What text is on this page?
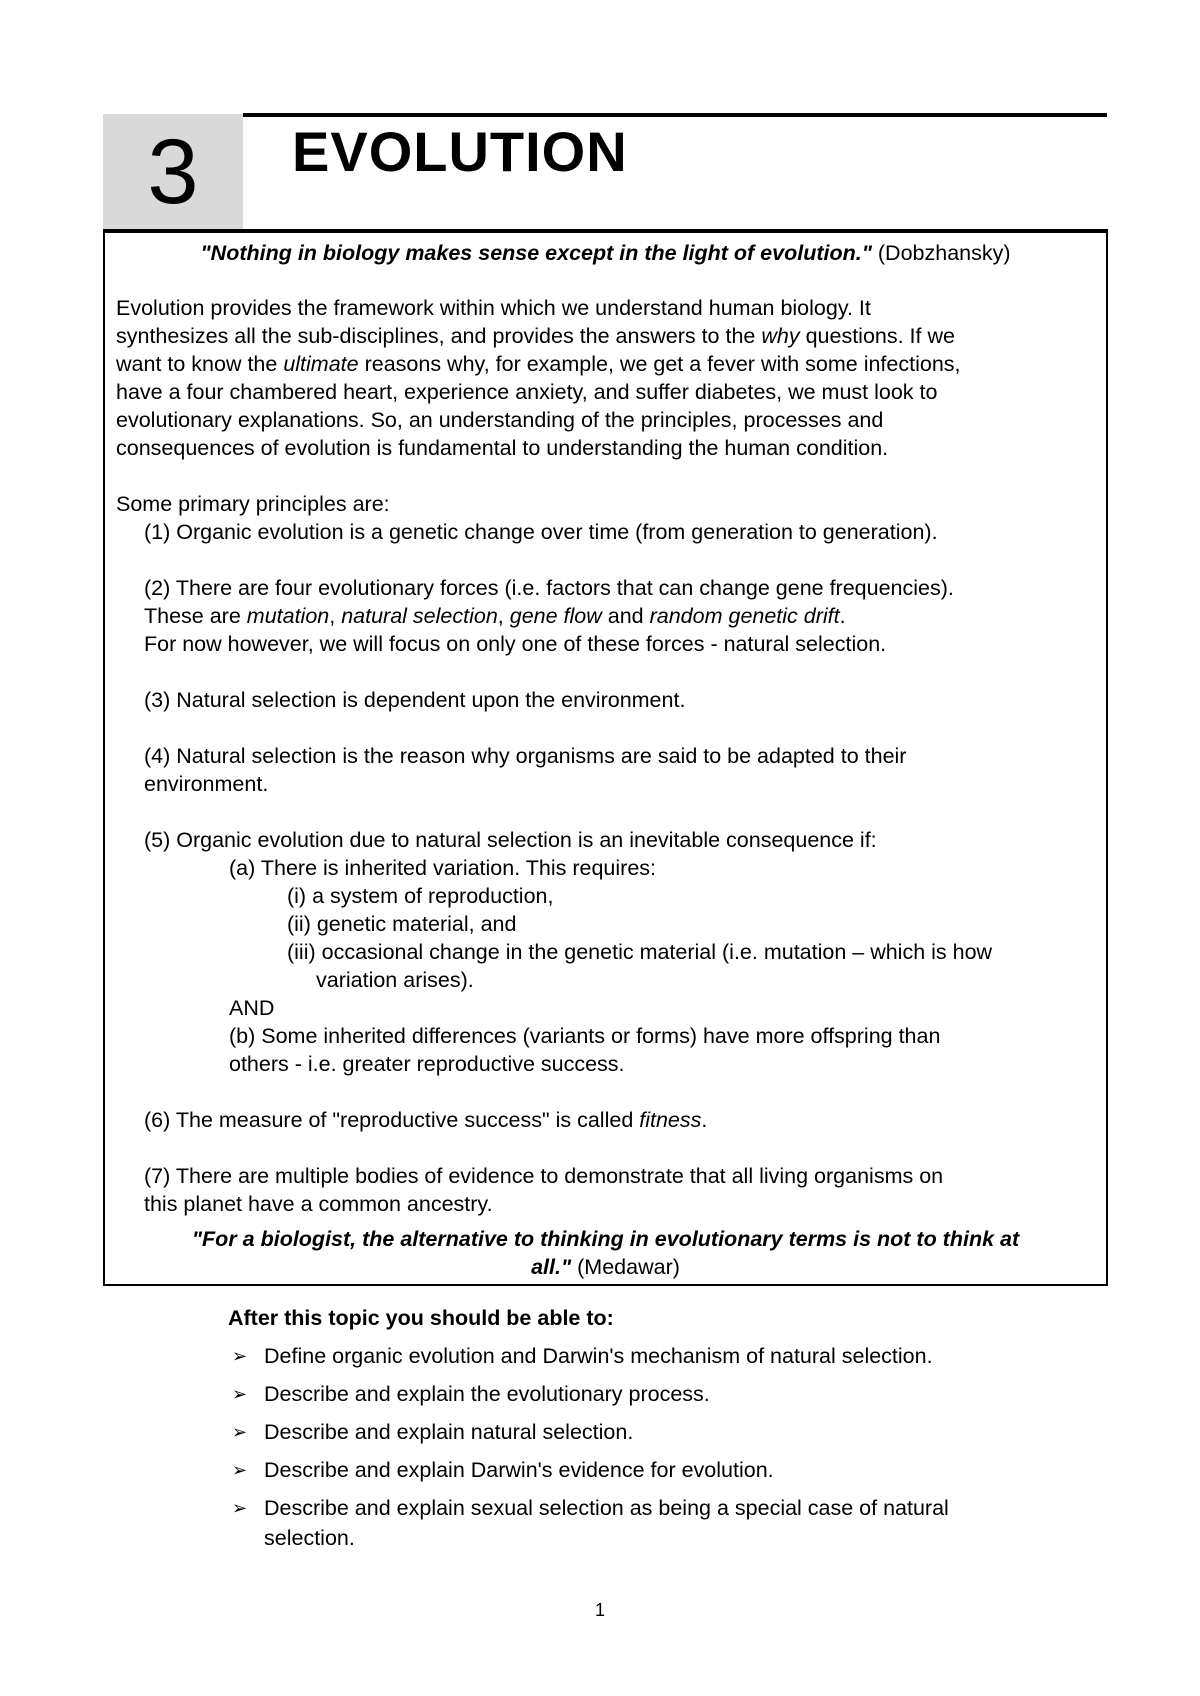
3	EVOLUTION
"Nothing in biology makes sense except in the light of evolution." (Dobzhansky)
Evolution provides the framework within which we understand human biology. It
synthesizes all the sub-disciplines, and provides the answers to the why questions. If we
want to know the ultimate reasons why, for example, we get a fever with some infections,
have a four chambered heart, experience anxiety, and suffer diabetes, we must look to
evolutionary explanations. So, an understanding of the principles, processes and
consequences of evolution is fundamental to understanding the human condition.
Some primary principles are:
(1) Organic evolution is a genetic change over time (from generation to generation).
(2) There are four evolutionary forces (i.e. factors that can change gene frequencies).
These are mutation, natural selection, gene flow and random genetic drift.
For now however, we will focus on only one of these forces - natural selection.
(3) Natural selection is dependent upon the environment.
(4) Natural selection is the reason why organisms are said to be adapted to their
environment.
(5) Organic evolution due to natural selection is an inevitable consequence if:
(a) There is inherited variation. This requires:
(i) a system of reproduction,
(ii) genetic material, and
(iii) occasional change in the genetic material (i.e. mutation – which is how
variation arises).
AND
(b) Some inherited differences (variants or forms) have more offspring than
others - i.e. greater reproductive success.
(6) The measure of "reproductive success" is called fitness.
(7) There are multiple bodies of evidence to demonstrate that all living organisms on
this planet have a common ancestry.
"For a biologist, the alternative to thinking in evolutionary terms is not to think at
all." (Medawar)
After this topic you should be able to:
➢ Define organic evolution and Darwin's mechanism of natural selection.
➢ Describe and explain the evolutionary process.
➢ Describe and explain natural selection.
➢ Describe and explain Darwin's evidence for evolution.
➢ Describe and explain sexual selection as being a special case of natural
selection.
1
